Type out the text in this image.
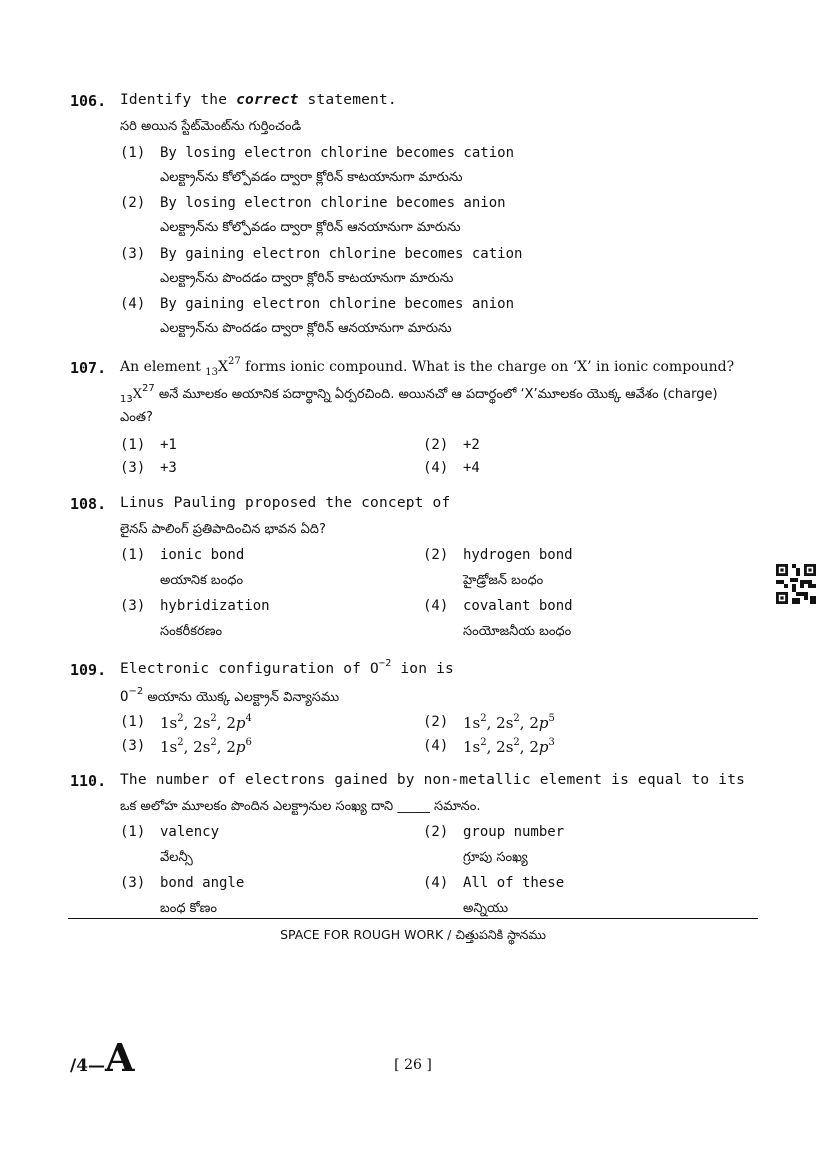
106. Identify the correct statement.
సరి అయిన స్టేట్‌మెంట్‌ను గుర్తించండి
(1) By losing electron chlorine becomes cation
ఎలక్ట్రాన్‌ను కోల్పోవడం ద్వారా క్లోరిన్ కాటయానుగా మారును
(2) By losing electron chlorine becomes anion
ఎలక్ట్రాన్‌ను కోల్పోవడం ద్వారా క్లోరిన్ ఆనయానుగా మారును
(3) By gaining electron chlorine becomes cation
ఎలక్ట్రాన్‌ను పొందడం ద్వారా క్లోరిన్ కాటయానుగా మారును
(4) By gaining electron chlorine becomes anion
ఎలక్ట్రాన్‌ను పొందడం ద్వారా క్లోరిన్ ఆనయానుగా మారును
107. An element $_{13}X^{27}$ forms ionic compound. What is the charge on ‘X’ in ionic compound?
$_{13}X^{27}$ అనే మూలకం అయానిక పదార్థాన్ని ఏర్పరచింది. అయినచో ఆ పదార్థంలో ‘X’మూలకం యొక్క ఆవేశం (charge)
ఎంత?
(1) +1	(2) +2
(3) +3	(4) +4
108. Linus Pauling proposed the concept of
లైనస్ పాలింగ్ ప్రతిపాదించిన భావన ఏది?
(1) ionic bond
అయానిక బంధం
(2) hydrogen bond
హైడ్రోజన్ బంధం
(3) hybridization
సంకరీకరణం
(4) covalant bond
సంయోజనీయ బంధం
109. Electronic configuration of $O^{-2}$ ion is
$O^{-2}$ అయాను యొక్క ఎలక్ట్రాన్ విన్యాసము
(1) $1s^2$, $2s^2$, $2p^4$	(2) $1s^2$, $2s^2$, $2p^5$
(3) $1s^2$, $2s^2$, $2p^6$	(4) $1s^2$, $2s^2$, $2p^3$
110. The number of electrons gained by non-metallic element is equal to its
ఒక అలోహ మూలకం పొందిన ఎలక్ట్రానుల సంఖ్య దాని _____ సమానం.
(1) valency
వేలన్సీ
(2) group number
గ్రూపు సంఖ్య
(3) bond angle
బంధ కోణం
(4) All of these
అన్నియు
SPACE FOR ROUGH WORK / చిత్తుపనికి స్థానము
/4—A	[ 26 ]
